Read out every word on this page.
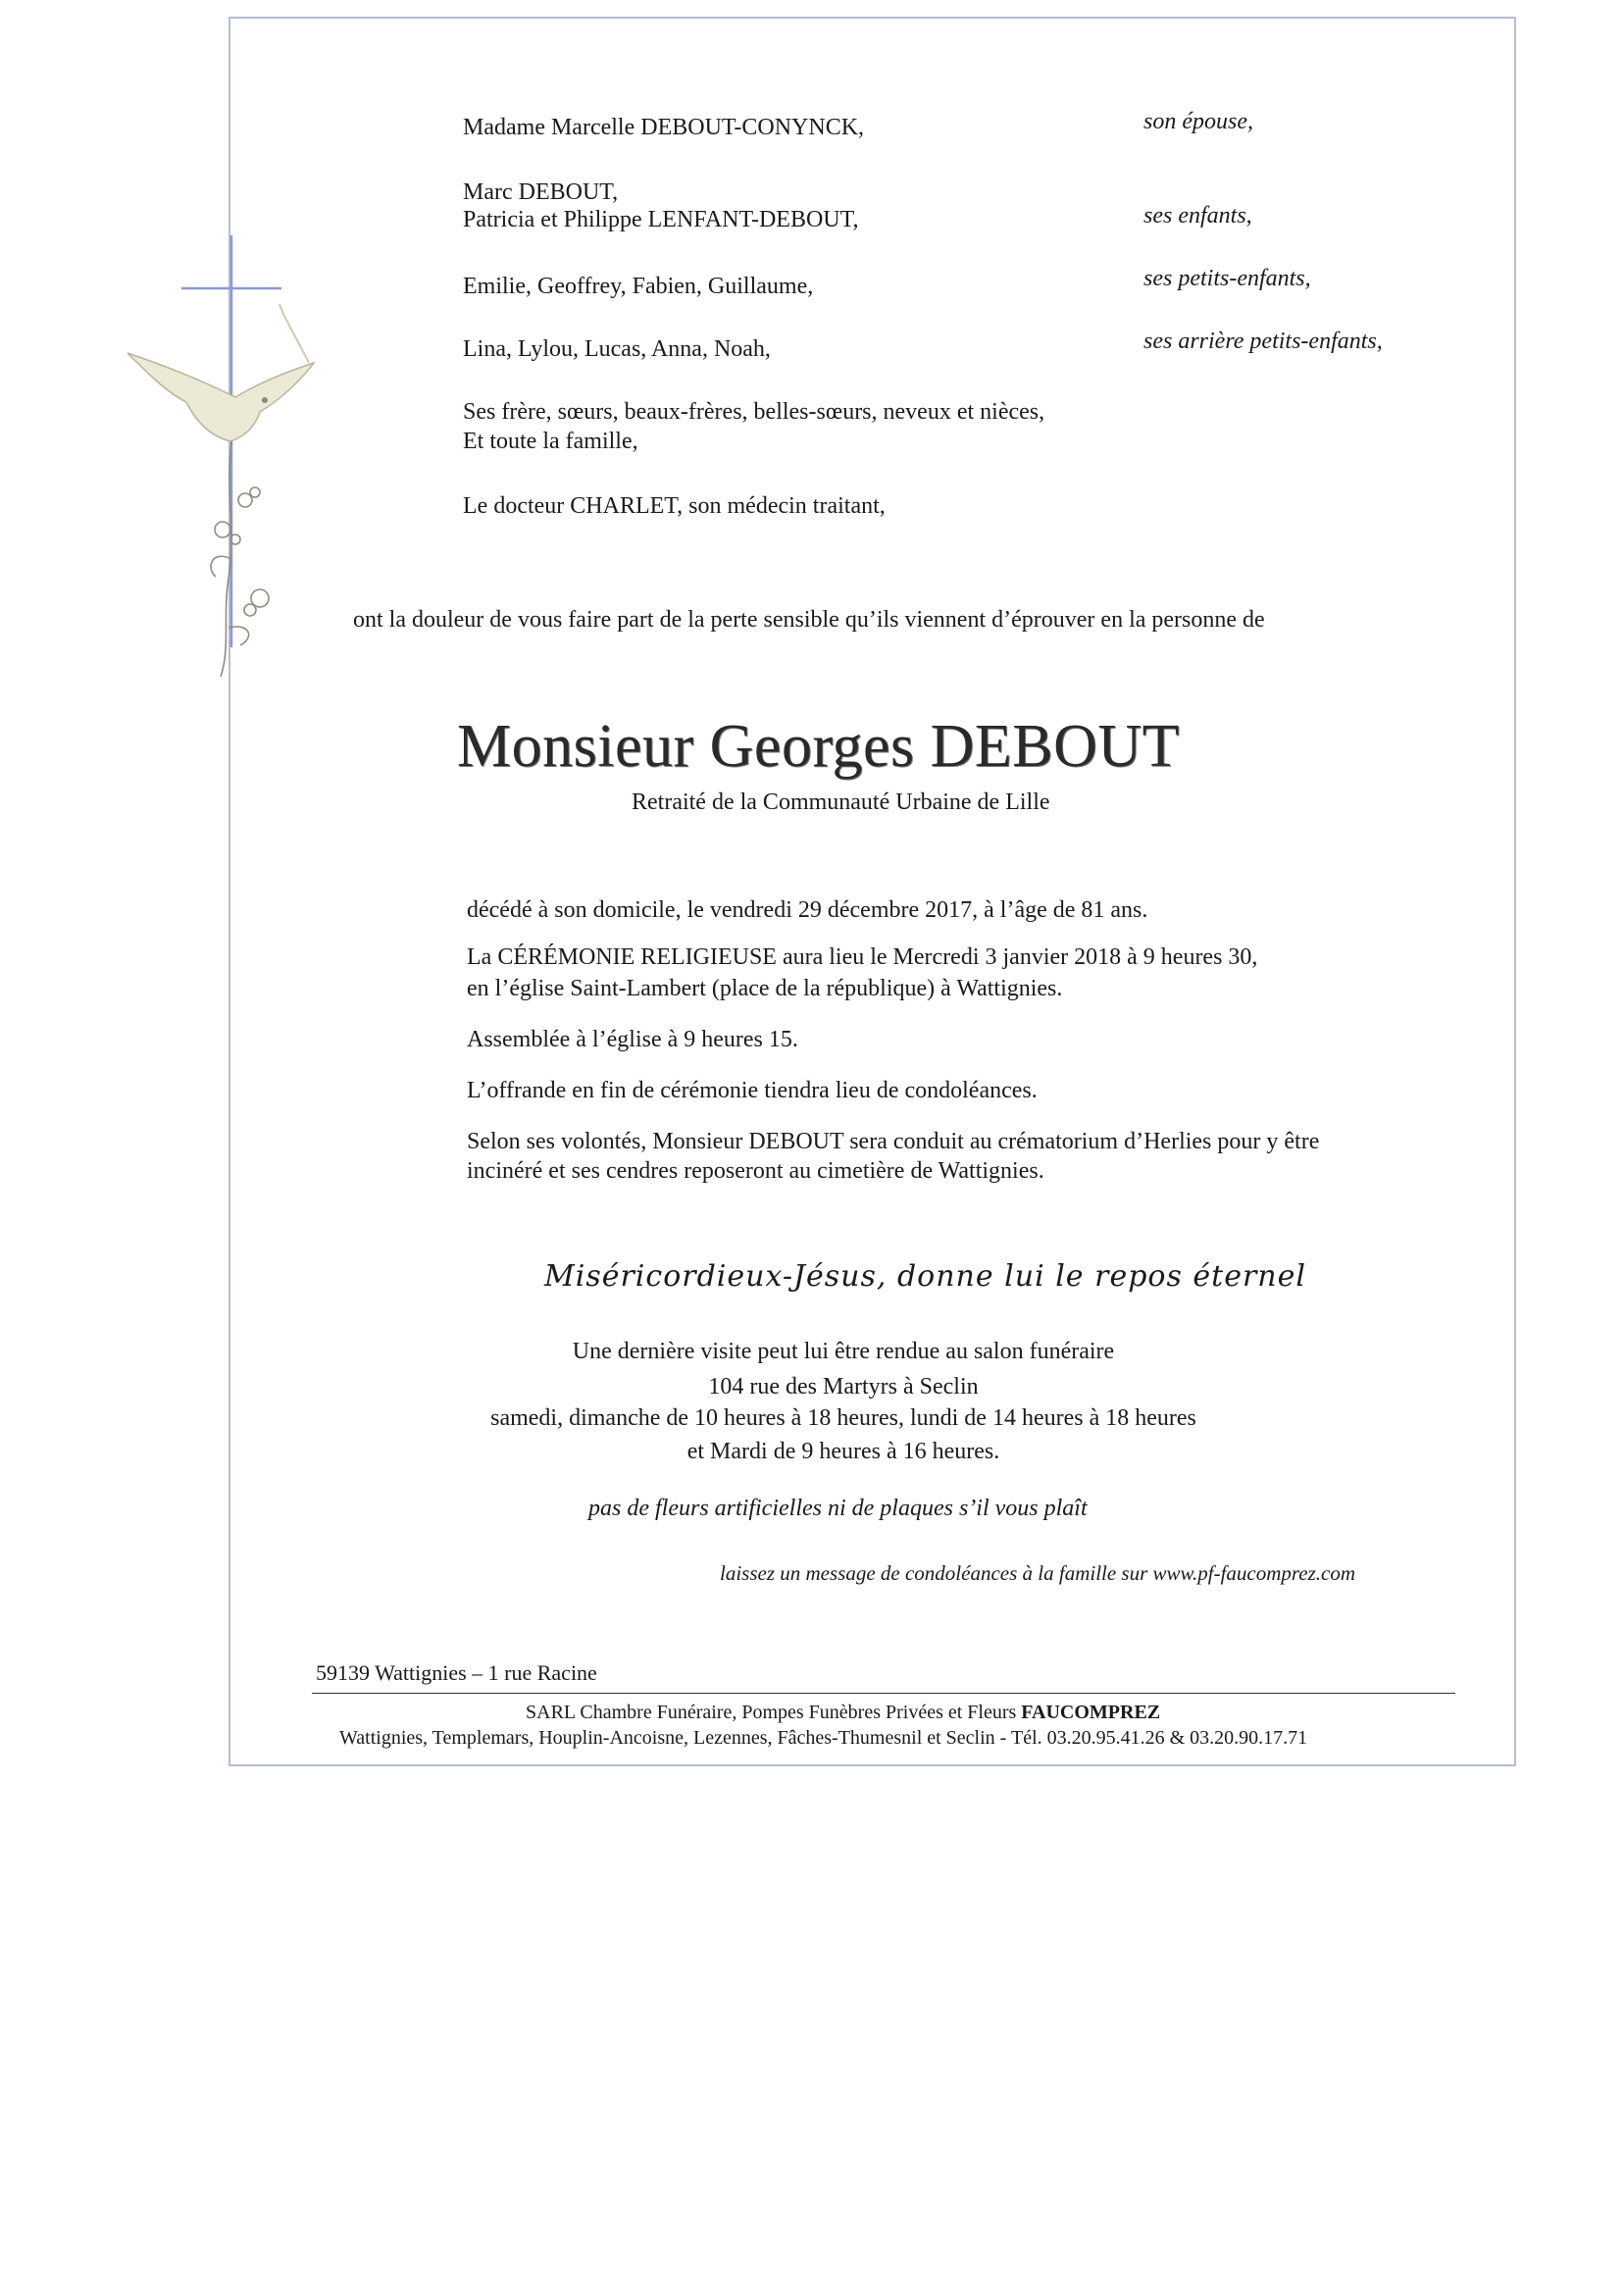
Madame Marcelle DEBOUT-CONYNCK,	son épouse,
Marc DEBOUT,
Patricia et Philippe LENFANT-DEBOUT,	ses enfants,
Emilie, Geoffrey, Fabien, Guillaume,	ses petits-enfants,
Lina, Lylou, Lucas, Anna, Noah,	ses arrière petits-enfants,
Ses frère, sœurs, beaux-frères, belles-sœurs, neveux et nièces,
Et toute la famille,
Le docteur CHARLET, son médecin traitant,
ont la douleur de vous faire part de la perte sensible qu’ils viennent d’éprouver en la personne de
Monsieur Georges DEBOUT
Retraité de la Communauté Urbaine de Lille
décédé à son domicile, le vendredi 29 décembre 2017, à l’âge de 81 ans.
La CÉRÉMONIE RELIGIEUSE aura lieu le Mercredi 3 janvier 2018 à 9 heures 30,
en l’église Saint-Lambert (place de la république) à Wattignies.
Assemblée à l’église à 9 heures 15.
L’offrande en fin de cérémonie tiendra lieu de condoléances.
Selon ses volontés, Monsieur DEBOUT sera conduit au crématorium d’Herlies pour y être
incinéré et ses cendres reposeront au cimetière de Wattignies.
Miséricordieux-Jésus, donne lui le repos éternel
Une dernière visite peut lui être rendue au salon funéraire
104 rue des Martyrs à Seclin
samedi, dimanche de 10 heures à 18 heures, lundi de 14 heures à 18 heures
et Mardi de 9 heures à 16 heures.
pas de fleurs artificielles ni de plaques s’il vous plaît
laissez un message de condoléances à la famille sur www.pf-faucomprez.com
59139 Wattignies – 1 rue Racine
SARL Chambre Funéraire, Pompes Funèbres Privées et Fleurs FAUCOMPREZ
Wattignies, Templemars, Houplin-Ancoisne, Lezennes, Fâches-Thumesnil et Seclin - Tél. 03.20.95.41.26 & 03.20.90.17.71
